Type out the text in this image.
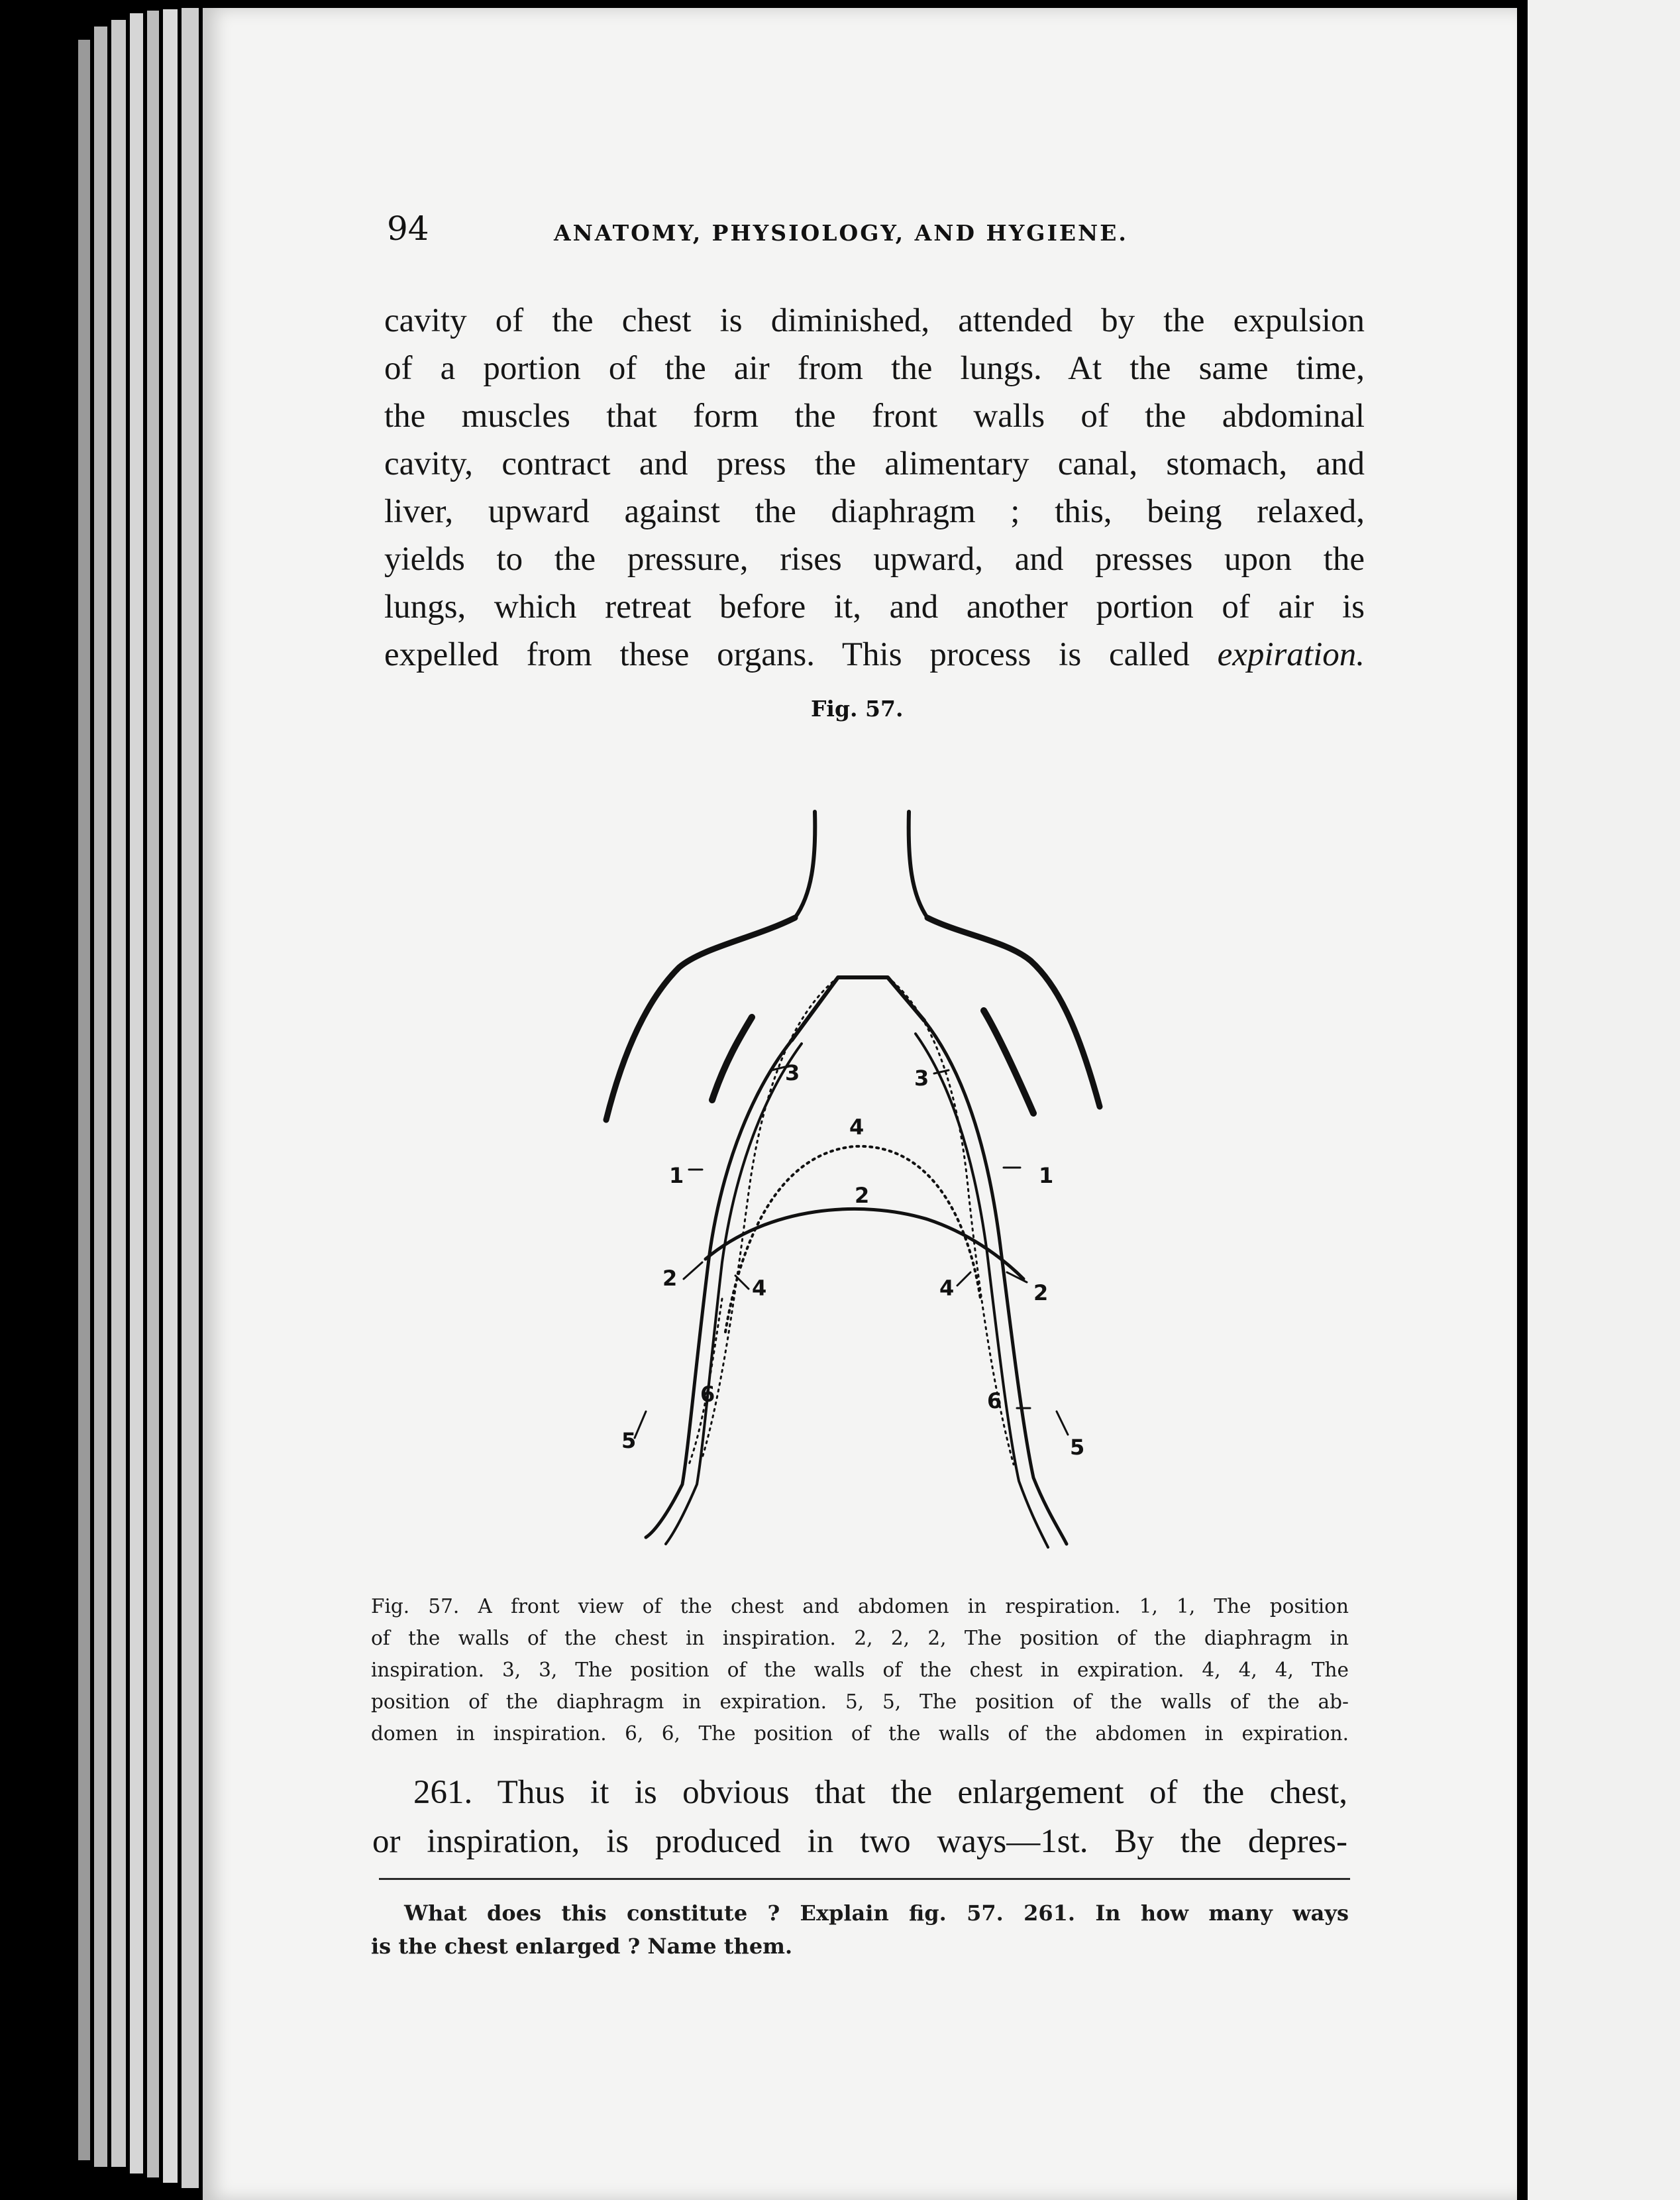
94	ANATOMY, PHYSIOLOGY, AND HYGIENE.
cavity of the chest is diminished, attended by the expulsion
of a portion of the air from the lungs. At the same time,
the muscles that form the front walls of the abdominal
cavity, contract and press the alimentary canal, stomach, and
liver, upward against the diaphragm ; this, being relaxed,
yields to the pressure, rises upward, and presses upon the
lungs, which retreat before it, and another portion of air is
expelled from these organs. This process is called expiration.
Fig. 57.
1	1
2
2
2
3	3
4
4	4
5	5
6	6
Fig. 57. A front view of the chest and abdomen in respiration. 1, 1, The position
of the walls of the chest in inspiration. 2, 2, 2, The position of the diaphragm in
inspiration. 3, 3, The position of the walls of the chest in expiration. 4, 4, 4, The
position of the diaphragm in expiration. 5, 5, The position of the walls of the ab-
domen in inspiration. 6, 6, The position of the walls of the abdomen in expiration.
261. Thus it is obvious that the enlargement of the chest,
or inspiration, is produced in two ways—1st. By the depres-
What does this constitute ? Explain fig. 57. 261. In how many ways
is the chest enlarged ? Name them.
